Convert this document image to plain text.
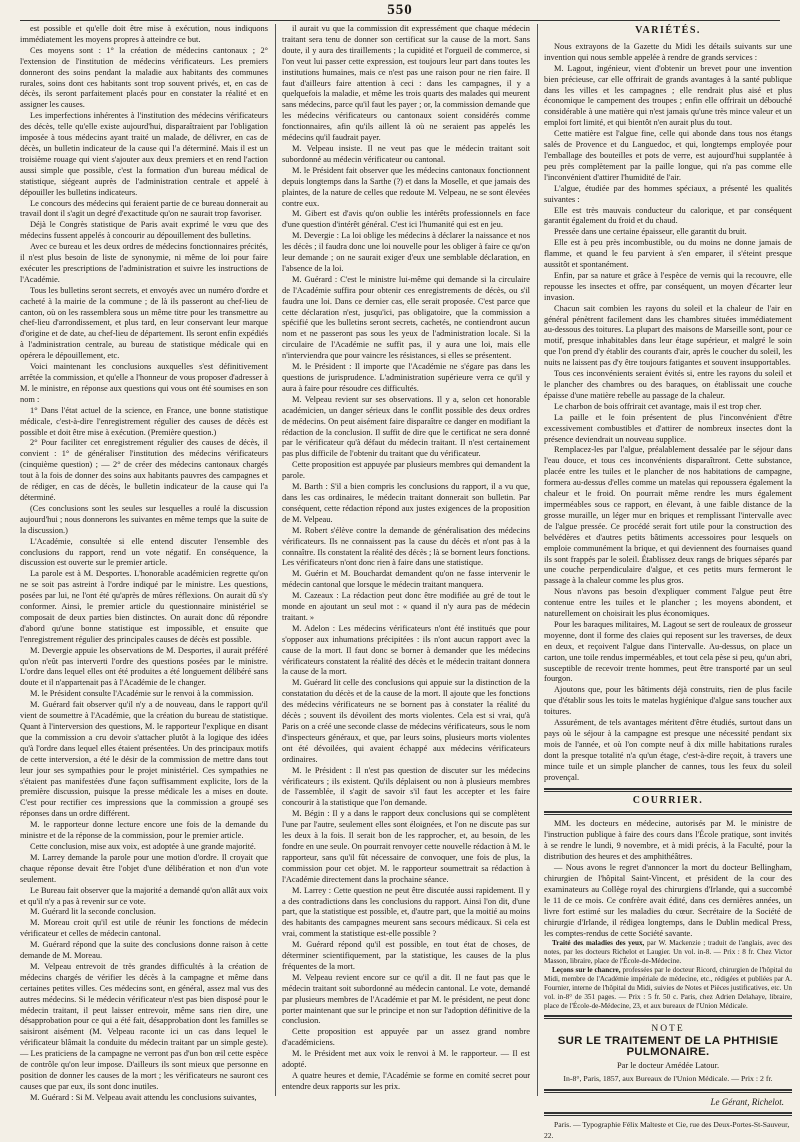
550

est possible et qu'elle doit être mise à exécution, nous indiquons immédiatement les moyens propres à atteindre ce but.

Ces moyens sont : 1° la création de médecins cantonaux ; 2° l'extension de l'institution de médecins vérificateurs. Les premiers donneront des soins pendant la maladie aux habitants des communes rurales, soins dont ces habitants sont trop souvent privés, et, en cas de décès, ils seront parfaitement placés pour en constater la réalité et en assigner les causes.

Les imperfections inhérentes à l'institution des médecins vérificateurs des décès, telle qu'elle existe aujourd'hui, disparaîtraient par l'obligation imposée à tous médecins ayant traité un malade, de délivrer, en cas de décès, un bulletin indicateur de la cause qui l'a déterminé. Mais il est un troisième rouage qui vient s'ajouter aux deux premiers et en rend l'action aussi simple que possible, c'est la formation d'un bureau médical de statistique, siégeant auprès de l'administration centrale et appelé à dépouiller les bulletins indicateurs.

Le concours des médecins qui feraient partie de ce bureau donnerait au travail dont il s'agit un degré d'exactitude qu'on ne saurait trop favoriser.

Déjà le Congrès statistique de Paris avait exprimé le vœu que des médecins fussent appelés à concourir au dépouillement des bulletins.

Avec ce bureau et les deux ordres de médecins fonctionnaires précités, il n'est plus besoin de liste de synonymie, ni même de loi pour faire exécuter les prescriptions de l'administration et suivre les instructions de l'Académie.

Tous les bulletins seront secrets, et envoyés avec un numéro d'ordre et cacheté à la mairie de la commune ; de là ils passeront au chef-lieu de canton, où on les rassemblera sous un même titre pour les transmettre au chef-lieu d'arrondissement, et plus tard, en leur conservant leur marque d'origine et de date, au chef-lieu de département. Ils seront enfin expédiés à l'administration centrale, au bureau de statistique médicale qui en opérera le dépouillement, etc.

Voici maintenant les conclusions auxquelles s'est définitivement arrêtée la commission, et qu'elle a l'honneur de vous proposer d'adresser à M. le ministre, en réponse aux questions qui vous ont été soumises en son nom :

1° Dans l'état actuel de la science, en France, une bonne statistique médicale, c'est-à-dire l'enregistrement régulier des causes de décès est possible et doit être mise à exécution. (Première question.)

2° Pour faciliter cet enregistrement régulier des causes de décès, il convient : 1° de généraliser l'institution des médecins vérificateurs (cinquième question) ; — 2° de créer des médecins cantonaux chargés tout à la fois de donner des soins aux habitants pauvres des campagnes et de rédiger, en cas de décès, le bulletin indicateur de la cause qui l'a déterminé.

(Ces conclusions sont les seules sur lesquelles a roulé la discussion aujourd'hui ; nous donnerons les suivantes en même temps que la suite de la discussion.)

L'Académie, consultée si elle entend discuter l'ensemble des conclusions du rapport, rend un vote négatif. En conséquence, la discussion est ouverte sur le premier article.

La parole est à M. Desportes. L'honorable académicien regrette qu'on ne se soit pas astreint à l'ordre indiqué par le ministre. Les questions, posées par lui, ne l'ont été qu'après de mûres réflexions. On aurait dû s'y conformer. Ainsi, le premier article du questionnaire ministériel se composait de deux parties bien distinctes. On aurait donc dû répondre d'abord qu'une bonne statistique est impossible, et ensuite que l'enregistrement régulier des principales causes de décès est possible.

M. Devergie appuie les observations de M. Desportes, il aurait préféré qu'on n'eût pas interverti l'ordre des questions posées par le ministre. L'ordre dans lequel elles ont été produites a été longuement délibéré sans doute et il n'appartenait pas à l'Académie de le changer.

M. le Président consulte l'Académie sur le renvoi à la commission.

M. Guérard fait observer qu'il n'y a de nouveau, dans le rapport qu'il vient de soumettre à l'Académie, que la création du bureau de statistique. Quant à l'interversion des questions, M. le rapporteur l'explique en disant que la commission a cru devoir s'attacher plutôt à la logique des idées qu'à l'ordre dans lequel elles étaient présentées. Un des principaux motifs de cette interversion, a été le désir de la commission de mettre dans tout leur jour ses sympathies pour le projet ministériel. Ces sympathies ne s'étaient pas manifestées d'une façon suffisamment explicite, lors de la première discussion, puisque la presse médicale les a mises en doute. C'est pour rectifier ces impressions que la commission a groupé ses réponses dans un ordre différent.

M. le rapporteur donne lecture encore une fois de la demande du ministre et de la réponse de la commission, pour le premier article.

Cette conclusion, mise aux voix, est adoptée à une grande majorité.

M. Larrey demande la parole pour une motion d'ordre. Il croyait que chaque réponse devait être l'objet d'une délibération et non d'un vote seulement.

Le Bureau fait observer que la majorité a demandé qu'on allât aux voix et qu'il n'y a pas à revenir sur ce vote.

M. Guérard lit la seconde conclusion.

M. Moreau croit qu'il est utile de réunir les fonctions de médecin vérificateur et celles de médecin cantonal.

M. Guérard répond que la suite des conclusions donne raison à cette demande de M. Moreau.

M. Velpeau entrevoit de très grandes difficultés à la création de médecins chargés de vérifier les décès à la campagne et même dans certaines petites villes. Ces médecins sont, en général, assez mal vus des autres médecins. Si le médecin vérificateur n'est pas bien disposé pour le médecin traitant, il peut laisser entrevoir, même sans rien dire, une désapprobation pour ce qui a été fait, désapprobation dont les familles se saisiront aisément (M. Velpeau raconte ici un cas dans lequel le vérificateur blâmait la conduite du médecin traitant par un simple geste). — Les praticiens de la campagne ne verront pas d'un bon œil cette espèce de contrôle qu'on leur impose. D'ailleurs ils sont mieux que personne en position de donner les causes de la mort ; les vérificateurs ne sauront ces causes que par eux, ils sont donc inutiles.

M. Guérard : Si M. Velpeau avait attendu les conclusions suivantes,

il aurait vu que la commission dit expressément que chaque médecin traitant sera tenu de donner son certificat sur la cause de la mort. Sans doute, il y aura des tiraillements ; la cupidité et l'orgueil de commerce, si l'on veut lui passer cette expression, est toujours leur part dans toutes les institutions humaines, mais ce n'est pas une raison pour ne rien faire. Il faut d'ailleurs faire attention à ceci : dans les campagnes, il y a quelquefois la maladie, et même les trois quarts des malades qui meurent sans médecins, parce qu'il faut les payer ; or, la commission demande que les médecins vérificateurs ou cantonaux soient considérés comme fonctionnaires, afin qu'ils aillent là où ne seraient pas appelés les médecins qu'il faudrait payer.

M. Velpeau insiste. Il ne veut pas que le médecin traitant soit subordonné au médecin vérificateur ou cantonal.

M. le Président fait observer que les médecins cantonaux fonctionnent depuis longtemps dans la Sarthe (?) et dans la Moselle, et que jamais des plaintes, de la nature de celles que redoute M. Velpeau, ne se sont élevées contre eux.

M. Gibert est d'avis qu'on oublie les intérêts professionnels en face d'une question d'intérêt général. C'est ici l'humanité qui est en jeu.

M. Devergie : La loi oblige les médecins à déclarer la naissance et nos les décès ; il faudra donc une loi nouvelle pour les obliger à faire ce qu'on leur demande ; on ne saurait exiger d'eux une semblable déclaration, en l'absence de la loi.

M. Guérard : C'est le ministre lui-même qui demande si la circulaire de l'Académie suffira pour obtenir ces enregistrements de décès, ou s'il faudra une loi. Dans ce dernier cas, elle serait proposée. C'est parce que cette déclaration n'est, jusqu'ici, pas obligatoire, que la commission a spécifié que les bulletins seront secrets, cachetés, ne contiendront aucun nom et ne passeront pas sous les yeux de l'administration locale. Si la circulaire de l'Académie ne suffit pas, il y aura une loi, mais elle n'interviendra que pour vaincre les résistances, si elles se présentent.

M. le Président : Il importe que l'Académie ne s'égare pas dans les questions de jurisprudence. L'administration supérieure verra ce qu'il y aura à faire pour résoudre ces difficultés.

M. Velpeau revient sur ses observations. Il y a, selon cet honorable académicien, un danger sérieux dans le conflit possible des deux ordres de médecins. On peut aisément faire disparaître ce danger en modifiant la rédaction de la conclusion. Il suffit de dire que le certificat ne sera donné par le vérificateur qu'à défaut du médecin traitant. Il n'est certainement pas plus difficile de l'obtenir du traitant que du vérificateur.

Cette proposition est appuyée par plusieurs membres qui demandent la parole.

M. Barth : S'il a bien compris les conclusions du rapport, il a vu que, dans les cas ordinaires, le médecin traitant donnerait son bulletin. Par conséquent, cette rédaction répond aux justes exigences de la proposition de M. Velpeau.

M. Robert s'élève contre la demande de généralisation des médecins vérificateurs. Ils ne connaissent pas la cause du décès et n'ont pas à la connaître. Ils constatent la réalité des décès ; là se bornent leurs fonctions. Les vérificateurs n'ont donc rien à faire dans une statistique.

M. Guérin et M. Bouchardat demandent qu'on ne fasse intervenir le médecin cantonal que lorsque le médecin traitant manquera.

M. Cazeaux : La rédaction peut donc être modifiée au gré de tout le monde en ajoutant un seul mot : « quand il n'y aura pas de médecin traitant. »

M. Adelon : Les médecins vérificateurs n'ont été institués que pour s'opposer aux inhumations précipitées : ils n'ont aucun rapport avec la cause de la mort. Il faut donc se borner à demander que les médecins vérificateurs constatent la réalité des décès et le médecin traitant donnera la cause de la mort.

M. Guérard lit celle des conclusions qui appuie sur la distinction de la constatation du décès et de la cause de la mort. Il ajoute que les fonctions des médecins vérificateurs ne se bornent pas à constater la réalité du décès ; souvent ils dévoilent des morts violentes. Cela est si vrai, qu'à Paris on a créé une seconde classe de médecins vérificateurs, sous le nom d'inspecteurs généraux, et que, par leurs soins, plusieurs morts violentes ont été dévoilées, qui avaient échappé aux médecins vérificateurs ordinaires.

M. le Président : Il n'est pas question de discuter sur les médecins vérificateurs ; ils existent. Qu'ils déplaisent ou non à plusieurs membres de l'assemblée, il s'agit de savoir s'il faut les accepter et les faire concourir à la statistique que l'on demande.

M. Bégin : Il y a dans le rapport deux conclusions qui se complètent l'une par l'autre, seulement elles sont éloignées, et l'on ne discute pas sur les deux à la fois. Il serait bon de les rapprocher, et, au besoin, de les fondre en une seule. On pourrait renvoyer cette nouvelle rédaction à M. le rapporteur, sans qu'il fût nécessaire de convoquer, une fois de plus, la commission pour cet objet. M. le rapporteur soumettrait sa rédaction à l'Académie directement dans la prochaine séance.

M. Larrey : Cette question ne peut être discutée aussi rapidement. Il y a des contradictions dans les conclusions du rapport. Ainsi l'on dit, d'une part, que la statistique est possible, et, d'autre part, que la moitié au moins des habitants des campagnes meurent sans secours médicaux. Si cela est vrai, comment la statistique est-elle possible ?

M. Guérard répond qu'il est possible, en tout état de choses, de déterminer scientifiquement, par la statistique, les causes de la plus fréquentes de la mort.

M. Velpeau revient encore sur ce qu'il a dit. Il ne faut pas que le médecin traitant soit subordonné au médecin cantonal. Le vote, demandé par plusieurs membres de l'Académie et par M. le président, ne peut donc porter maintenant que sur le principe et non sur l'adoption définitive de la conclusion.

Cette proposition est appuyée par un assez grand nombre d'académiciens.

M. le Président met aux voix le renvoi à M. le rapporteur. — Il est adopté.

A quatre heures et demie, l'Académie se forme en comité secret pour entendre deux rapports sur les prix.

VARIÉTÉS.

Nous extrayons de la Gazette du Midi les détails suivants sur une invention qui nous semble appelée à rendre de grands services :

M. Lagout, ingénieur, vient d'obtenir un brevet pour une invention bien précieuse, car elle offrirait de grands avantages à la santé publique dans les villes et les campagnes ; elle rendrait plus aisé et plus économique le campement des troupes ; enfin elle offrirait un débouché considérable à une matière qui n'est jamais qu'une très mince valeur et un emploi fort limité, et qui bientôt n'en aurait plus du tout.

Cette matière est l'algue fine, celle qui abonde dans tous nos étangs salés de Provence et du Languedoc, et qui, longtemps employée pour l'emballage des bouteilles et pots de verre, est aujourd'hui supplantée à peu près complètement par la paille longue, qui n'a pas comme elle l'inconvénient d'attirer l'humidité de l'air.

L'algue, étudiée par des hommes spéciaux, a présenté les qualités suivantes :

Elle est très mauvais conducteur du calorique, et par conséquent garantit également du froid et du chaud.

Pressée dans une certaine épaisseur, elle garantit du bruit.

Elle est à peu près incombustible, ou du moins ne donne jamais de flamme, et quand le feu parvient à s'en emparer, il s'éteint presque aussitôt et spontanément.

Enfin, par sa nature et grâce à l'espèce de vernis qui la recouvre, elle repousse les insectes et offre, par conséquent, un moyen d'écarter leur invasion.

Chacun sait combien les rayons du soleil et la chaleur de l'air en général pénètrent facilement dans les chambres situées immédiatement au-dessous des toitures. La plupart des maisons de Marseille sont, pour ce motif, presque inhabitables dans leur étage supérieur, et malgré le soin que l'on prend d'y établir des courants d'air, après le coucher du soleil, les nuits ne laissent pas d'y être toujours fatigantes et souvent insupportables.

Tous ces inconvénients seraient évités si, entre les rayons du soleil et le plancher des chambres ou des baraques, on établissait une couche épaisse d'une matière rebelle au passage de la chaleur.

Le charbon de bois offrirait cet avantage, mais il est trop cher.

La paille et le foin présentent de plus l'inconvénient d'être excessivement combustibles et d'attirer de nombreux insectes dont la présence deviendrait un nouveau supplice.

Remplacez-les par l'algue, préalablement dessalée par le séjour dans l'eau douce, et tous ces inconvénients disparaîtront. Cette substance, placée entre les tuiles et le plancher de nos habitations de campagne, formera au-dessus d'elles comme un matelas qui repoussera également la chaleur et le froid. On pourrait même rendre les murs également imperméables sous ce rapport, en élevant, à une faible distance de la grosse muraille, un léger mur en briques et remplissant l'intervalle avec de l'algue pressée. Ce procédé serait fort utile pour la construction des belvédères et d'autres petits bâtiments accessoires pour lesquels on emploie communément la brique, et qui deviennent des fournaises quand ils sont frappés par le soleil. Établissez deux rangs de briques séparés par une couche perpendiculaire d'algue, et ces petits murs fermeront le passage à la chaleur comme les plus gros.

Nous n'avons pas besoin d'expliquer comment l'algue peut être contenue entre les tuiles et le plancher ; les moyens abondent, et naturellement on choisirait les plus économiques.

Pour les baraques militaires, M. Lagout se sert de rouleaux de grosseur moyenne, dont il forme des claies qui reposent sur les traverses, de deux en deux, et reçoivent l'algue dans l'intervalle. Au-dessus, on place un carton, une toile rendus imperméables, et tout cela pèse si peu, qu'un abri, susceptible de recevoir trente hommes, peut être transporté par un seul fourgon.

Ajoutons que, pour les bâtiments déjà construits, rien de plus facile que d'établir sous les toits le matelas hygiénique d'algue sans toucher aux toitures.

Assurément, de tels avantages méritent d'être étudiés, surtout dans un pays où le séjour à la campagne est presque une nécessité pendant six mois de l'année, et où l'on compte neuf à dix mille habitations rurales dont la presque totalité n'a qu'un étage, c'est-à-dire reçoit, à travers une mince tuile et un simple plancher de cannes, tous les feux du soleil provençal.

COURRIER.

MM. les docteurs en médecine, autorisés par M. le ministre de l'instruction publique à faire des cours dans l'École pratique, sont invités à se rendre le lundi, 9 novembre, et à midi précis, à la Faculté, pour la distribution des heures et des amphithéâtres.

— Nous avons le regret d'annoncer la mort du docteur Bellingham, chirurgien de l'hôpital Saint-Vincent, et président de la cour des examinateurs au Collège royal des chirurgiens d'Irlande, qui a succombé le 11 de ce mois. Ce confrère avait édité, dans ces dernières années, un livre fort estimé sur les maladies du cœur. Secrétaire de la Société de chirurgie d'Irlande, il rédigea longtemps, dans le Dublin medical Press, les comptes-rendus de cette Société savante.

Traité des maladies des yeux, par W. Mackenzie ; traduit de l'anglais, avec des notes, par les docteurs Richelot et Laugier. Un vol. in-8. — Prix : 8 fr. Chez Victor Masson, libraire, place de l'École-de-Médecine.

Leçons sur le chancre, professées par le docteur Ricord, chirurgien de l'hôpital du Midi, membre de l'Académie impériale de médecine, etc., rédigées et publiées par A. Fournier, interne de l'hôpital du Midi, suivies de Notes et Pièces justificatives, etc. Un vol. in-8° de 351 pages. — Prix : 5 fr. 50 c. Paris, chez Adrien Delahaye, libraire, place de l'École-de-Médecine, 23, et aux bureaux de l'Union Médicale.

NOTE
SUR LE TRAITEMENT DE LA PHTHISIE PULMONAIRE.
Par le docteur Amédée Latour.
In-8°, Paris, 1857, aux Bureaux de l'Union Médicale. — Prix : 2 fr.
Le Gérant, Richelot.

Paris. — Typographie Félix Malteste et Cie, rue des Deux-Portes-St-Sauveur, 22.
